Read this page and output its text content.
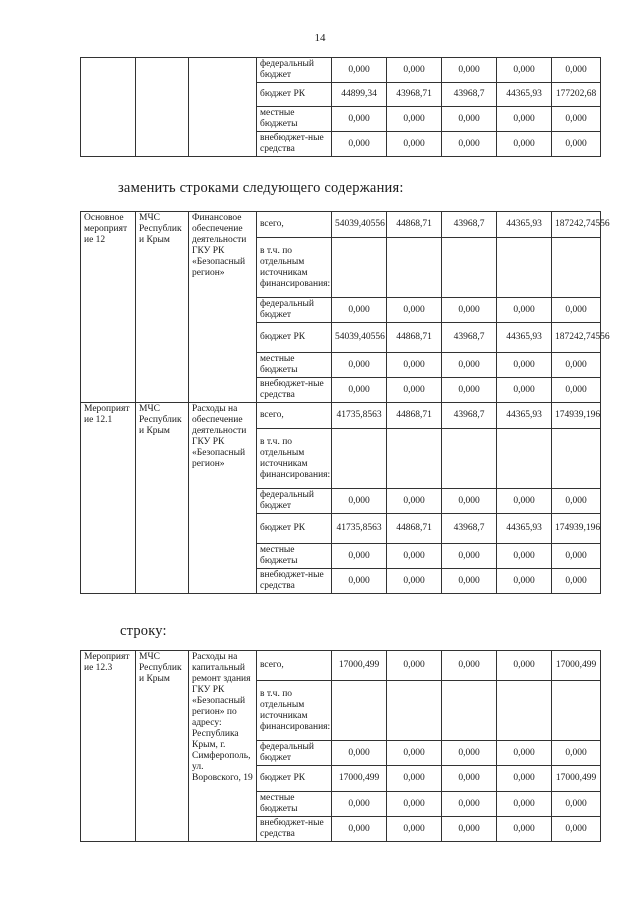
14
			федеральный бюджет	0,000	0,000	0,000	0,000	0,000
			бюджет РК	44899,34	43968,71	43968,7	44365,93	177202,68
			местные бюджеты	0,000	0,000	0,000	0,000	0,000
			внебюджет-ные средства	0,000	0,000	0,000	0,000	0,000
заменить строками следующего содержания:
Основное мероприятие 12	МЧС Республики Крым	Финансовое обеспечение деятельности ГКУ РК «Безопасный регион»	всего,	54039,40556	44868,71	43968,7	44365,93	187242,74556
			в т.ч. по отдельным источникам финансирования:					
			федеральный бюджет	0,000	0,000	0,000	0,000	0,000
			бюджет РК	54039,40556	44868,71	43968,7	44365,93	187242,74556
			местные бюджеты	0,000	0,000	0,000	0,000	0,000
			внебюджет-ные средства	0,000	0,000	0,000	0,000	0,000
Мероприятие 12.1	МЧС Республики Крым	Расходы на обеспечение деятельности ГКУ РК «Безопасный регион»	всего,	41735,8563	44868,71	43968,7	44365,93	174939,196
			в т.ч. по отдельным источникам финансирования:					
			федеральный бюджет	0,000	0,000	0,000	0,000	0,000
			бюджет РК	41735,8563	44868,71	43968,7	44365,93	174939,196
			местные бюджеты	0,000	0,000	0,000	0,000	0,000
			внебюджет-ные средства	0,000	0,000	0,000	0,000	0,000
строку:
Мероприятие 12.3	МЧС Республики Крым	Расходы на капитальный ремонт здания ГКУ РК «Безопасный регион» по адресу: Республика Крым, г. Симферополь, ул. Воровского, 19	всего,	17000,499	0,000	0,000	0,000	17000,499
			в т.ч. по отдельным источникам финансирования:					
			федеральный бюджет	0,000	0,000	0,000	0,000	0,000
			бюджет РК	17000,499	0,000	0,000	0,000	17000,499
			местные бюджеты	0,000	0,000	0,000	0,000	0,000
			внебюджет-ные средства	0,000	0,000	0,000	0,000	0,000
